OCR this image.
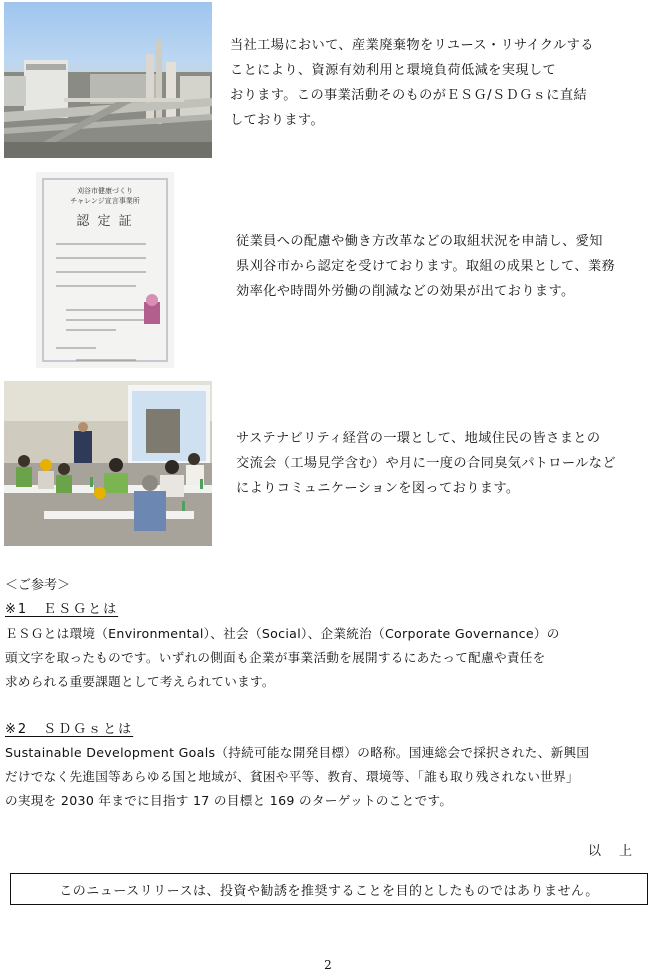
当社工場において、産業廃棄物をリユース・リサイクルする
ことにより、資源有効利用と環境負荷低減を実現して
おります。この事業活動そのものがＥＳＧ/ＳＤＧｓに直結
しております。

刈谷市健康づくり
チャレンジ宣言事業所
認 定 証

従業員への配慮や働き方改革などの取組状況を申請し、愛知
県刈谷市から認定を受けております。取組の成果として、業務
効率化や時間外労働の削減などの効果が出ております。

サステナビリティ経営の一環として、地域住民の皆さまとの
交流会（工場見学含む）や月に一度の合同臭気パトロールなど
によりコミュニケーションを図っております。

＜ご参考＞

※1　ＥＳＧとは

ＥＳＧとは環境（Environmental）、社会（Social）、企業統治（Corporate Governance）の
頭文字を取ったものです。いずれの側面も企業が事業活動を展開するにあたって配慮や責任を
求められる重要課題として考えられています。

※2　ＳＤＧｓとは

Sustainable Development Goals（持続可能な開発目標）の略称。国連総会で採択された、新興国
だけでなく先進国等あらゆる国と地域が、貧困や平等、教育、環境等、「誰も取り残されない世界」
の実現を 2030 年までに目指す 17 の目標と 169 のターゲットのことです。

以上

このニュースリリースは、投資や勧誘を推奨することを目的としたものではありません。
2
